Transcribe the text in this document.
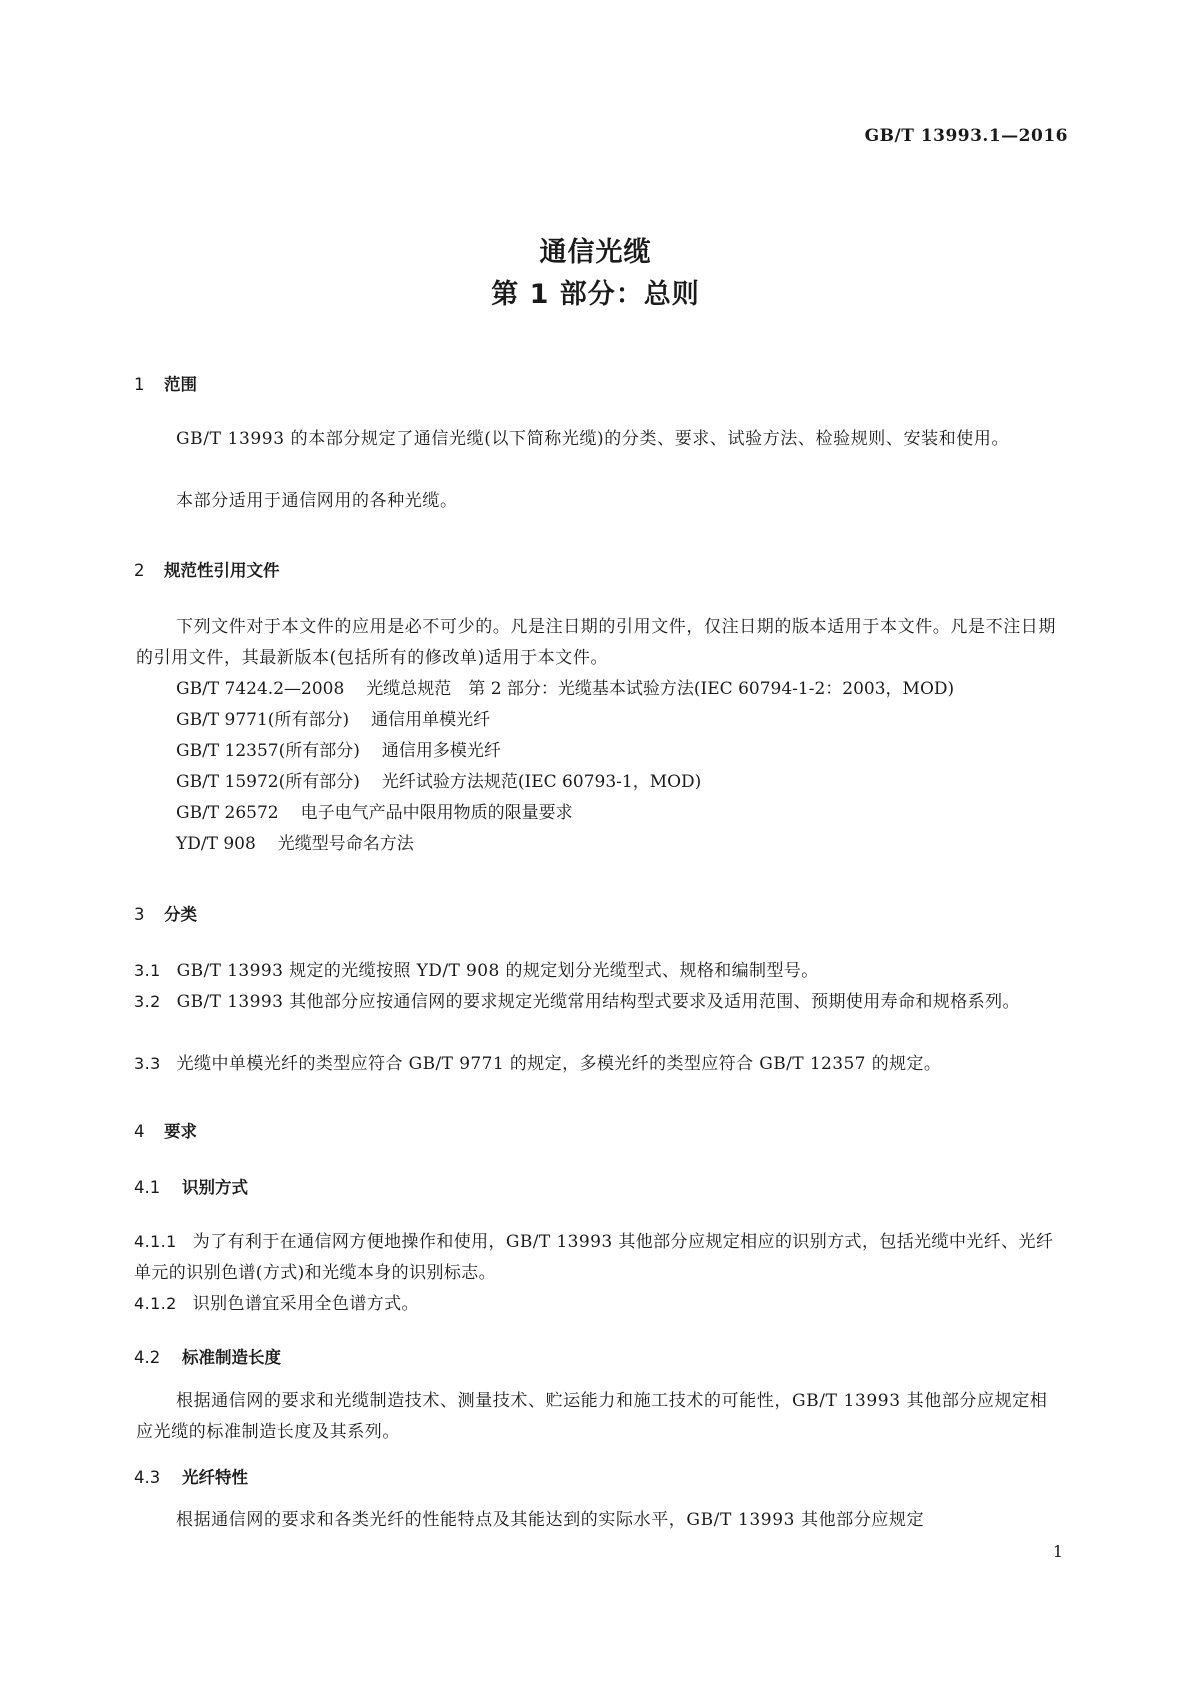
GB/T 13993.1—2016
通信光缆
第 1 部分：总则
1 范围
GB/T 13993 的本部分规定了通信光缆(以下简称光缆)的分类、要求、试验方法、检验规则、安装和使用。
本部分适用于通信网用的各种光缆。
2 规范性引用文件
下列文件对于本文件的应用是必不可少的。凡是注日期的引用文件，仅注日期的版本适用于本文件。凡是不注日期的引用文件，其最新版本(包括所有的修改单)适用于本文件。
GB/T 7424.2—2008 光缆总规范　第 2 部分：光缆基本试验方法(IEC 60794-1-2：2003，MOD)
GB/T 9771(所有部分) 通信用单模光纤
GB/T 12357(所有部分) 通信用多模光纤
GB/T 15972(所有部分) 光纤试验方法规范(IEC 60793-1，MOD)
GB/T 26572 电子电气产品中限用物质的限量要求
YD/T 908 光缆型号命名方法
3 分类
3.1 GB/T 13993 规定的光缆按照 YD/T 908 的规定划分光缆型式、规格和编制型号。
3.2 GB/T 13993 其他部分应按通信网的要求规定光缆常用结构型式要求及适用范围、预期使用寿命和规格系列。
3.3 光缆中单模光纤的类型应符合 GB/T 9771 的规定，多模光纤的类型应符合 GB/T 12357 的规定。
4 要求
4.1 识别方式
4.1.1 为了有利于在通信网方便地操作和使用，GB/T 13993 其他部分应规定相应的识别方式，包括光缆中光纤、光纤单元的识别色谱(方式)和光缆本身的识别标志。
4.1.2 识别色谱宜采用全色谱方式。
4.2 标准制造长度
根据通信网的要求和光缆制造技术、测量技术、贮运能力和施工技术的可能性，GB/T 13993 其他部分应规定相应光缆的标准制造长度及其系列。
4.3 光纤特性
根据通信网的要求和各类光纤的性能特点及其能达到的实际水平，GB/T 13993 其他部分应规定
1
